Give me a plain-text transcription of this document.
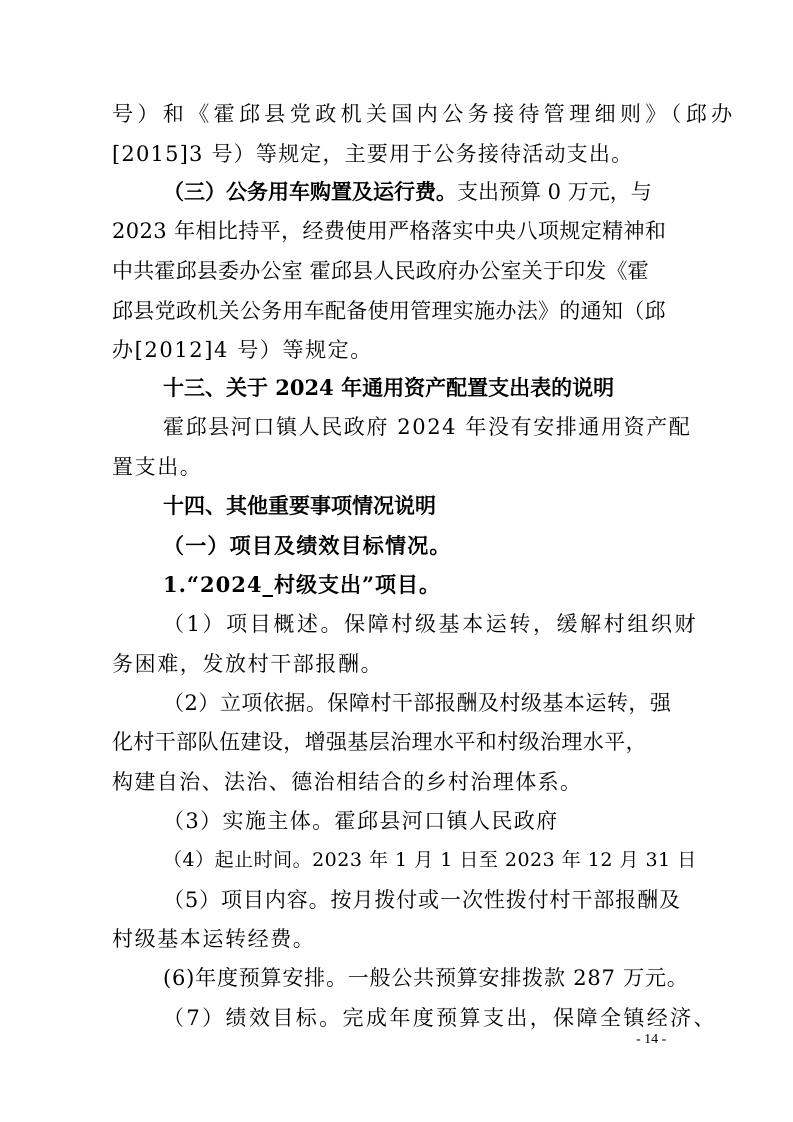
号）和《霍邱县党政机关国内公务接待管理细则》（邱办

[2015]3 号）等规定，主要用于公务接待活动支出。

（三）公务用车购置及运行费。支出预算 0 万元，与

2023 年相比持平，经费使用严格落实中央八项规定精神和

中共霍邱县委办公室 霍邱县人民政府办公室关于印发《霍

邱县党政机关公务用车配备使用管理实施办法》的通知（邱

办[2012]4 号）等规定。

十三、关于 2024 年通用资产配置支出表的说明

霍邱县河口镇人民政府 2024 年没有安排通用资产配

置支出。

十四、其他重要事项情况说明

（一）项目及绩效目标情况。

1.“2024_村级支出”项目。

（1）项目概述。保障村级基本运转，缓解村组织财

务困难，发放村干部报酬。

（2）立项依据。保障村干部报酬及村级基本运转，强

化村干部队伍建设，增强基层治理水平和村级治理水平，

构建自治、法治、德治相结合的乡村治理体系。

（3）实施主体。霍邱县河口镇人民政府

（4）起止时间。2023 年 1 月 1 日至 2023 年 12 月 31 日

（5）项目内容。按月拨付或一次性拨付村干部报酬及

村级基本运转经费。

(6)年度预算安排。一般公共预算安排拨款 287 万元。

（7）绩效目标。完成年度预算支出，保障全镇经济、

- 14 -
